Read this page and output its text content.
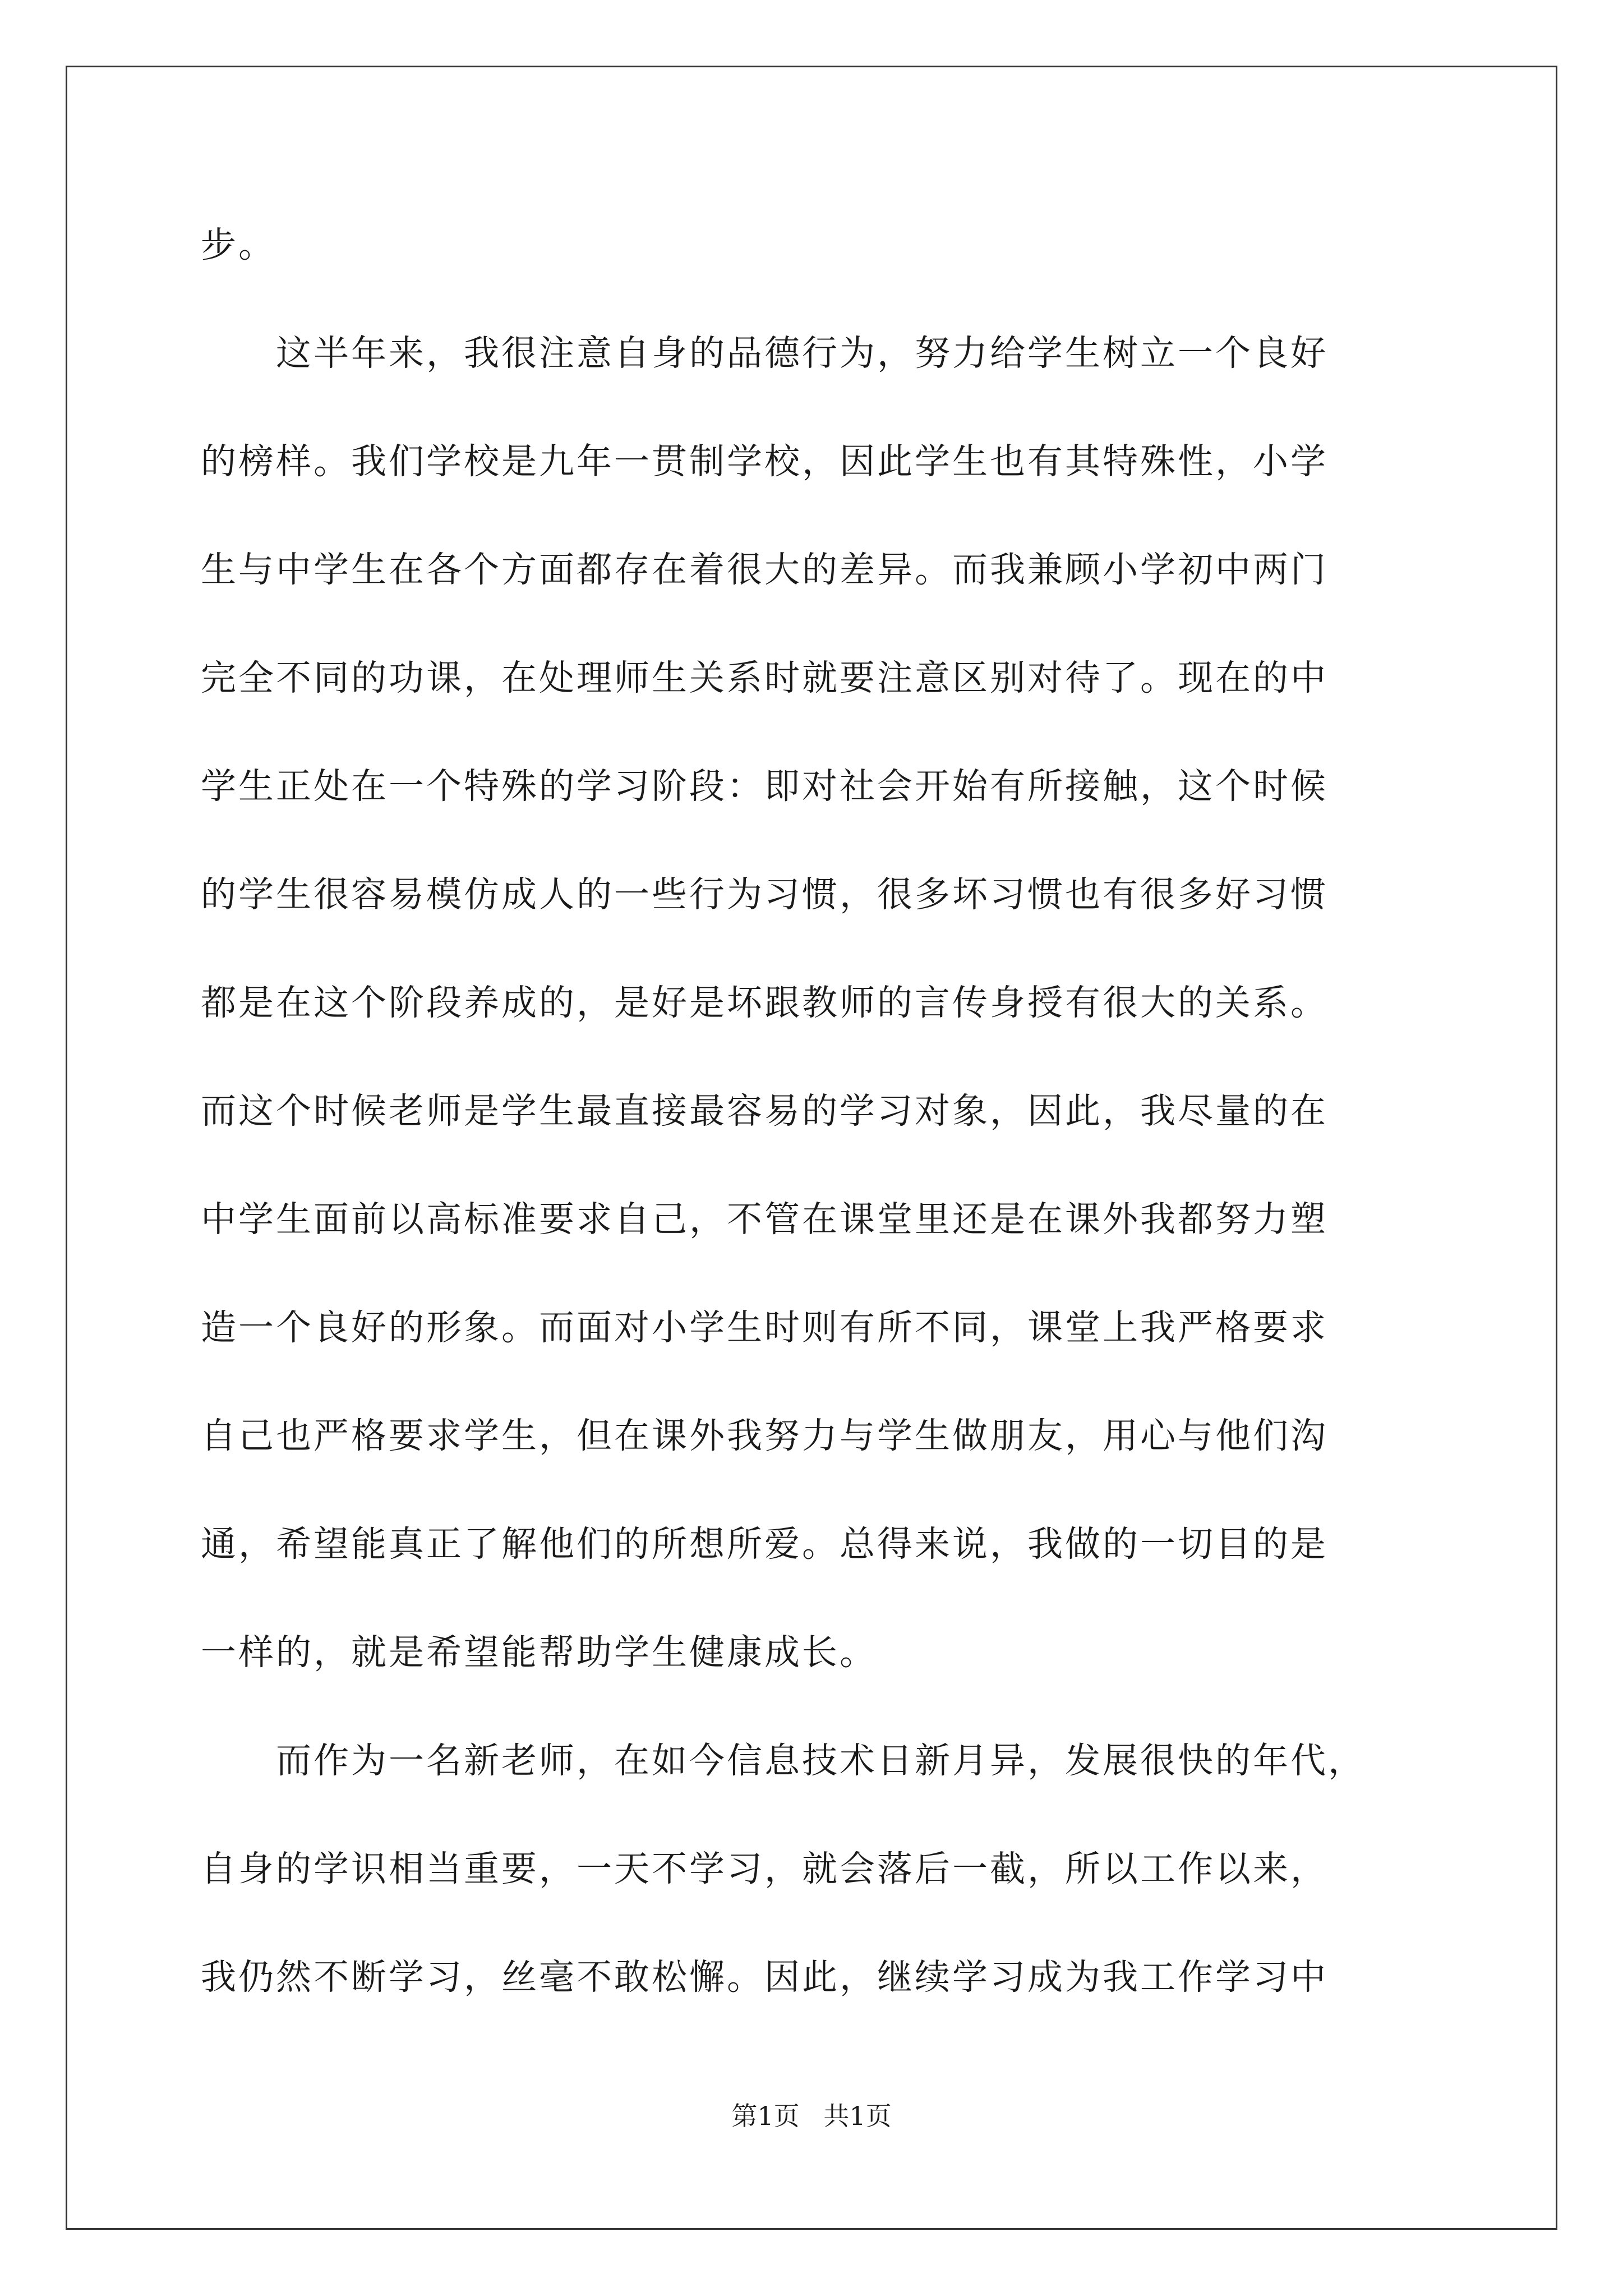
步。
　　这半年来，我很注意自身的品德行为，努力给学生树立一个良好
的榜样。我们学校是九年一贯制学校，因此学生也有其特殊性，小学
生与中学生在各个方面都存在着很大的差异。而我兼顾小学初中两门
完全不同的功课，在处理师生关系时就要注意区别对待了。现在的中
学生正处在一个特殊的学习阶段：即对社会开始有所接触，这个时候
的学生很容易模仿成人的一些行为习惯，很多坏习惯也有很多好习惯
都是在这个阶段养成的，是好是坏跟教师的言传身授有很大的关系。
而这个时候老师是学生最直接最容易的学习对象，因此，我尽量的在
中学生面前以高标准要求自己，不管在课堂里还是在课外我都努力塑
造一个良好的形象。而面对小学生时则有所不同，课堂上我严格要求
自己也严格要求学生，但在课外我努力与学生做朋友，用心与他们沟
通，希望能真正了解他们的所想所爱。总得来说，我做的一切目的是
一样的，就是希望能帮助学生健康成长。
　　而作为一名新老师，在如今信息技术日新月异，发展很快的年代，
自身的学识相当重要，一天不学习，就会落后一截，所以工作以来，
我仍然不断学习，丝毫不敢松懈。因此，继续学习成为我工作学习中
第1页 共1页
